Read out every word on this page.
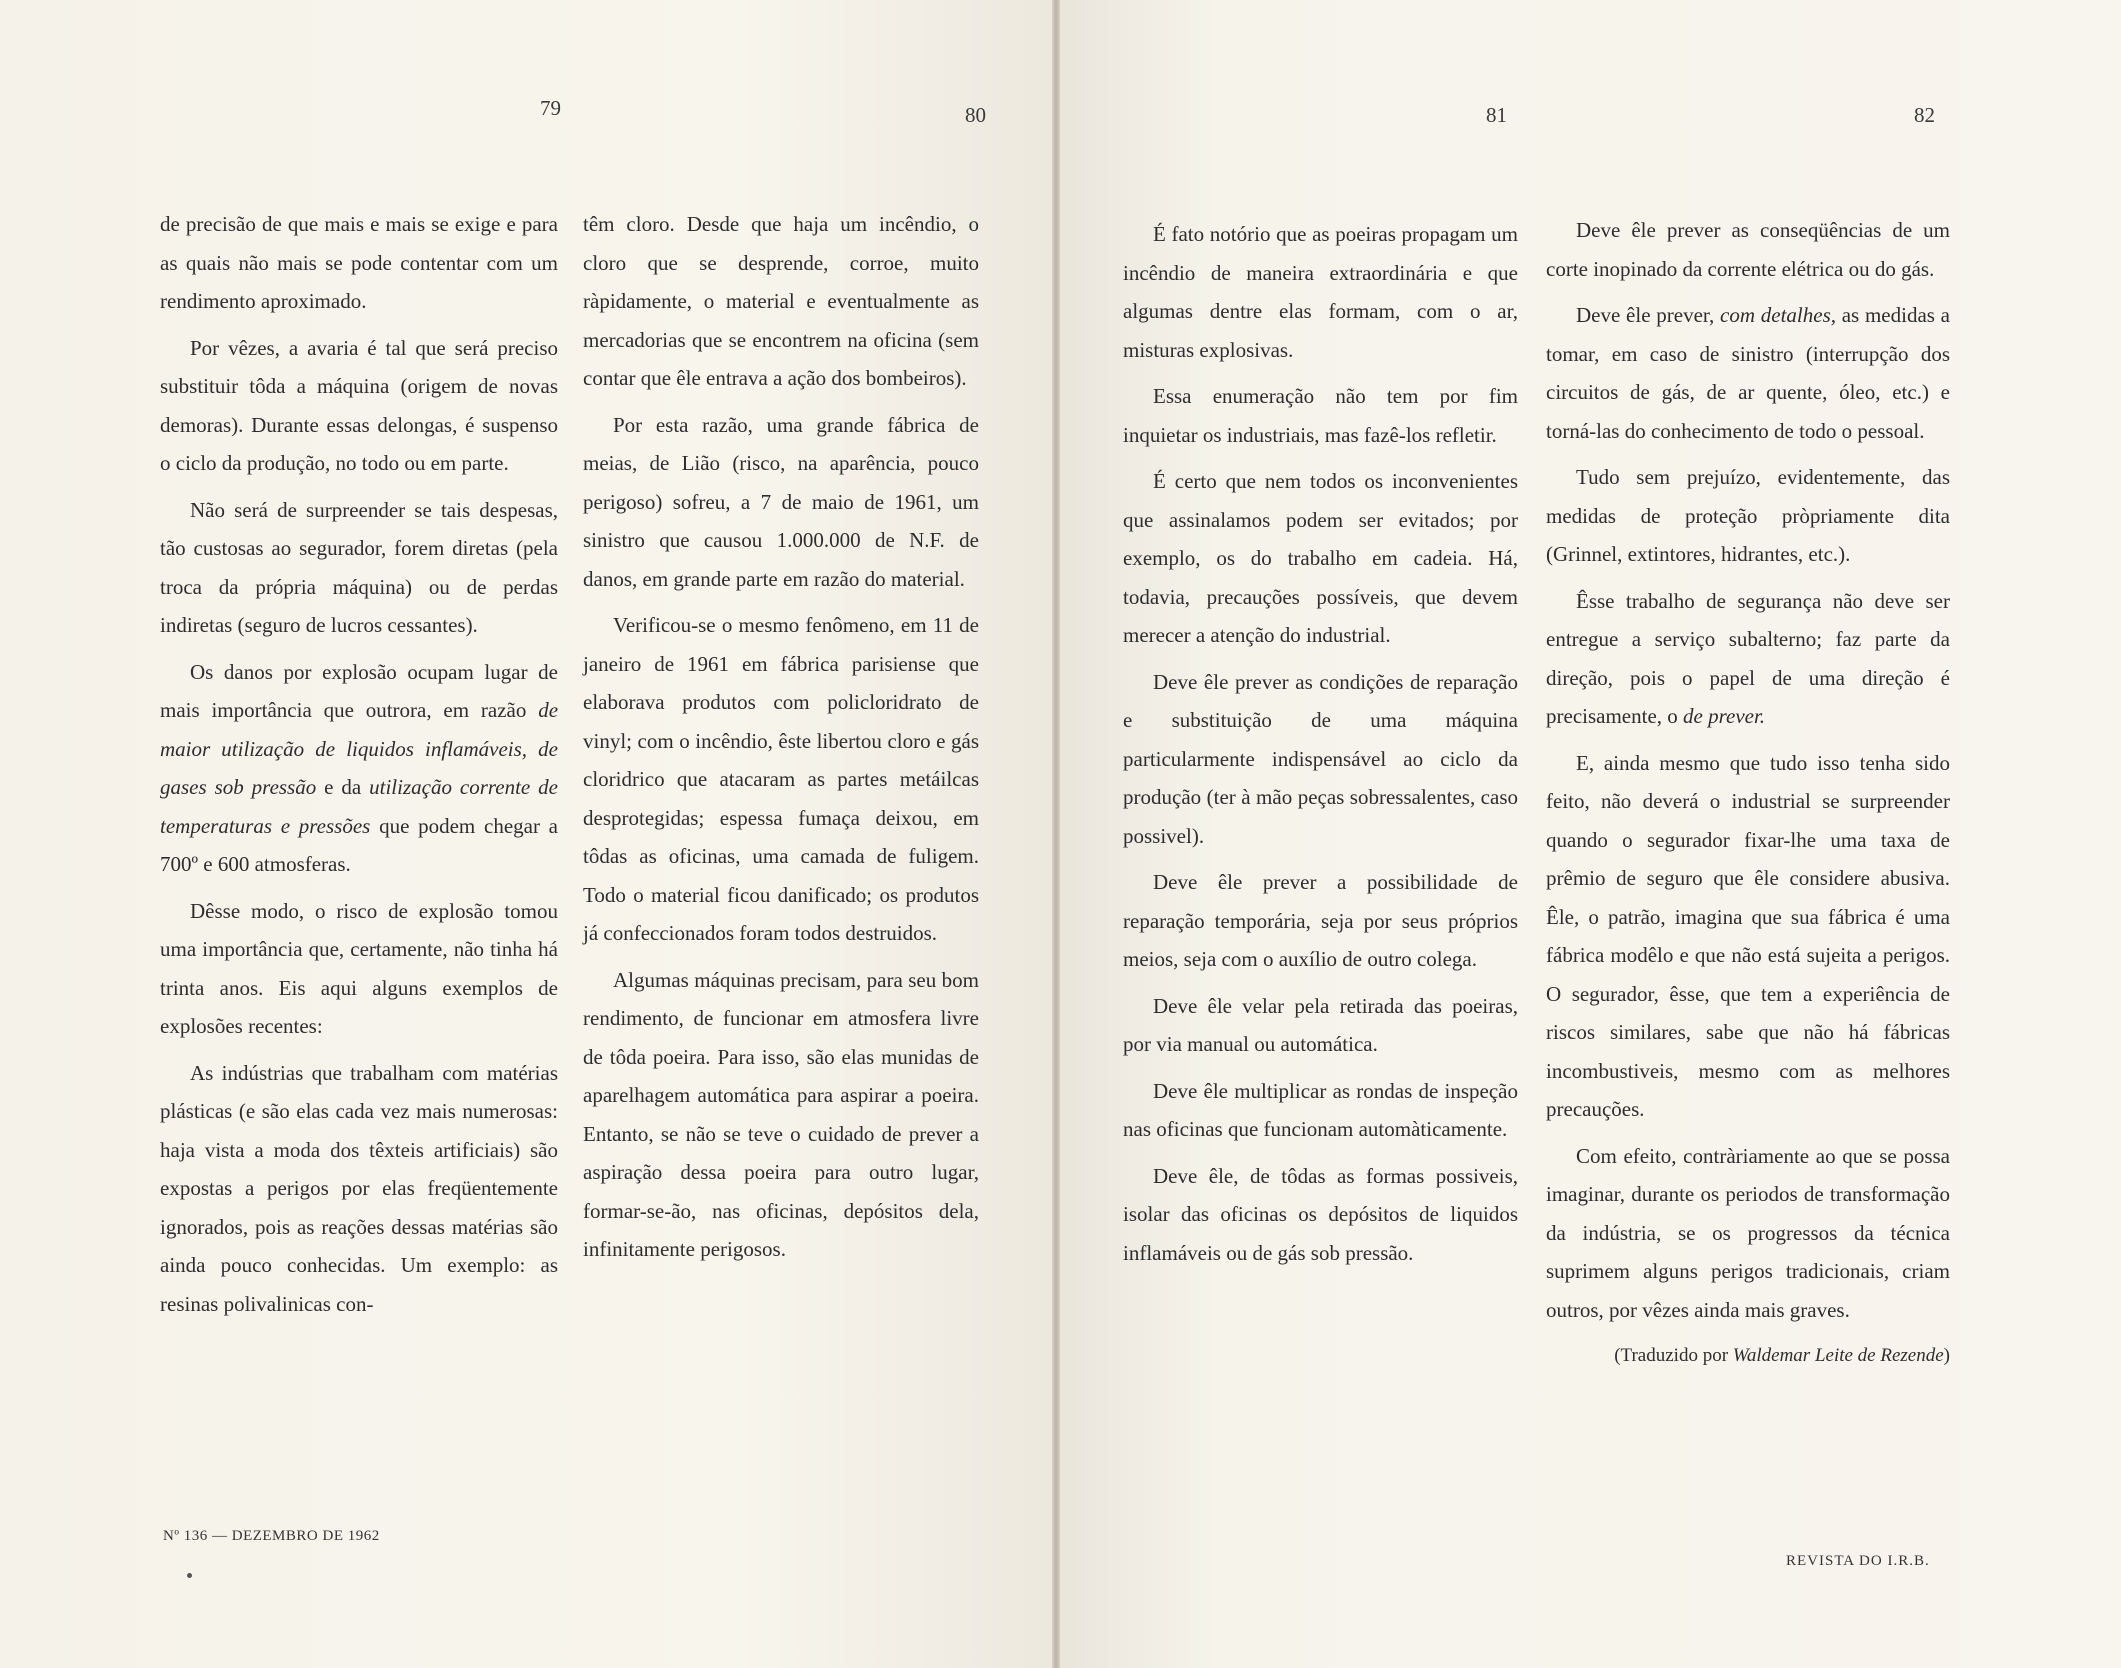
79	80	81	82

de precisão de que mais e mais se exige e para as quais não mais se pode contentar com um rendimento aproximado.

Por vêzes, a avaria é tal que será preciso substituir tôda a máquina (origem de novas demoras). Durante essas delongas, é suspenso o ciclo da produção, no todo ou em parte.

Não será de surpreender se tais despesas, tão custosas ao segurador, forem diretas (pela troca da própria máquina) ou de perdas indiretas (seguro de lucros cessantes).

Os danos por explosão ocupam lugar de mais importância que outrora, em razão de maior utilização de liquidos inflamáveis, de gases sob pressão e da utilização corrente de temperaturas e pressões que podem chegar a 700º e 600 atmosferas.

Dêsse modo, o risco de explosão tomou uma importância que, certamente, não tinha há trinta anos. Eis aqui alguns exemplos de explosões recentes:

As indústrias que trabalham com matérias plásticas (e são elas cada vez mais numerosas: haja vista a moda dos têxteis artificiais) são expostas a perigos por elas freqüentemente ignorados, pois as reações dessas matérias são ainda pouco conhecidas. Um exemplo: as resinas polivalinicas con-

têm cloro. Desde que haja um incêndio, o cloro que se desprende, corroe, muito ràpidamente, o material e eventualmente as mercadorias que se encontrem na oficina (sem contar que êle entrava a ação dos bombeiros).

Por esta razão, uma grande fábrica de meias, de Lião (risco, na aparência, pouco perigoso) sofreu, a 7 de maio de 1961, um sinistro que causou 1.000.000 de N.F. de danos, em grande parte em razão do material.

Verificou-se o mesmo fenômeno, em 11 de janeiro de 1961 em fábrica parisiense que elaborava produtos com policloridrato de vinyl; com o incêndio, êste libertou cloro e gás cloridrico que atacaram as partes metáilcas desprotegidas; espessa fumaça deixou, em tôdas as oficinas, uma camada de fuligem. Todo o material ficou danificado; os produtos já confeccionados foram todos destruidos.

Algumas máquinas precisam, para seu bom rendimento, de funcionar em atmosfera livre de tôda poeira. Para isso, são elas munidas de aparelhagem automática para aspirar a poeira. Entanto, se não se teve o cuidado de prever a aspiração dessa poeira para outro lugar, formar-se-ão, nas oficinas, depósitos dela, infinitamente perigosos.

É fato notório que as poeiras propagam um incêndio de maneira extraordinária e que algumas dentre elas formam, com o ar, misturas explosivas.

Essa enumeração não tem por fim inquietar os industriais, mas fazê-los refletir.

É certo que nem todos os inconvenientes que assinalamos podem ser evitados; por exemplo, os do trabalho em cadeia. Há, todavia, precauções possíveis, que devem merecer a atenção do industrial.

Deve êle prever as condições de reparação e substituição de uma máquina particularmente indispensável ao ciclo da produção (ter à mão peças sobressalentes, caso possivel).

Deve êle prever a possibilidade de reparação temporária, seja por seus próprios meios, seja com o auxílio de outro colega.

Deve êle velar pela retirada das poeiras, por via manual ou automática.

Deve êle multiplicar as rondas de inspeção nas oficinas que funcionam automàticamente.

Deve êle, de tôdas as formas possiveis, isolar das oficinas os depósitos de liquidos inflamáveis ou de gás sob pressão.

Deve êle prever as conseqüências de um corte inopinado da corrente elétrica ou do gás.

Deve êle prever, com detalhes, as medidas a tomar, em caso de sinistro (interrupção dos circuitos de gás, de ar quente, óleo, etc.) e torná-las do conhecimento de todo o pessoal.

Tudo sem prejuízo, evidentemente, das medidas de proteção pròpriamente dita (Grinnel, extintores, hidrantes, etc.).

Êsse trabalho de segurança não deve ser entregue a serviço subalterno; faz parte da direção, pois o papel de uma direção é precisamente, o de prever.

E, ainda mesmo que tudo isso tenha sido feito, não deverá o industrial se surpreender quando o segurador fixar-lhe uma taxa de prêmio de seguro que êle considere abusiva. Êle, o patrão, imagina que sua fábrica é uma fábrica modêlo e que não está sujeita a perigos. O segurador, êsse, que tem a experiência de riscos similares, sabe que não há fábricas incombustiveis, mesmo com as melhores precauções.

Com efeito, contràriamente ao que se possa imaginar, durante os periodos de transformação da indústria, se os progressos da técnica suprimem alguns perigos tradicionais, criam outros, por vêzes ainda mais graves.

(Traduzido por Waldemar Leite de Rezende)

Nº 136 — DEZEMBRO DE 1962
REVISTA DO I.R.B.
